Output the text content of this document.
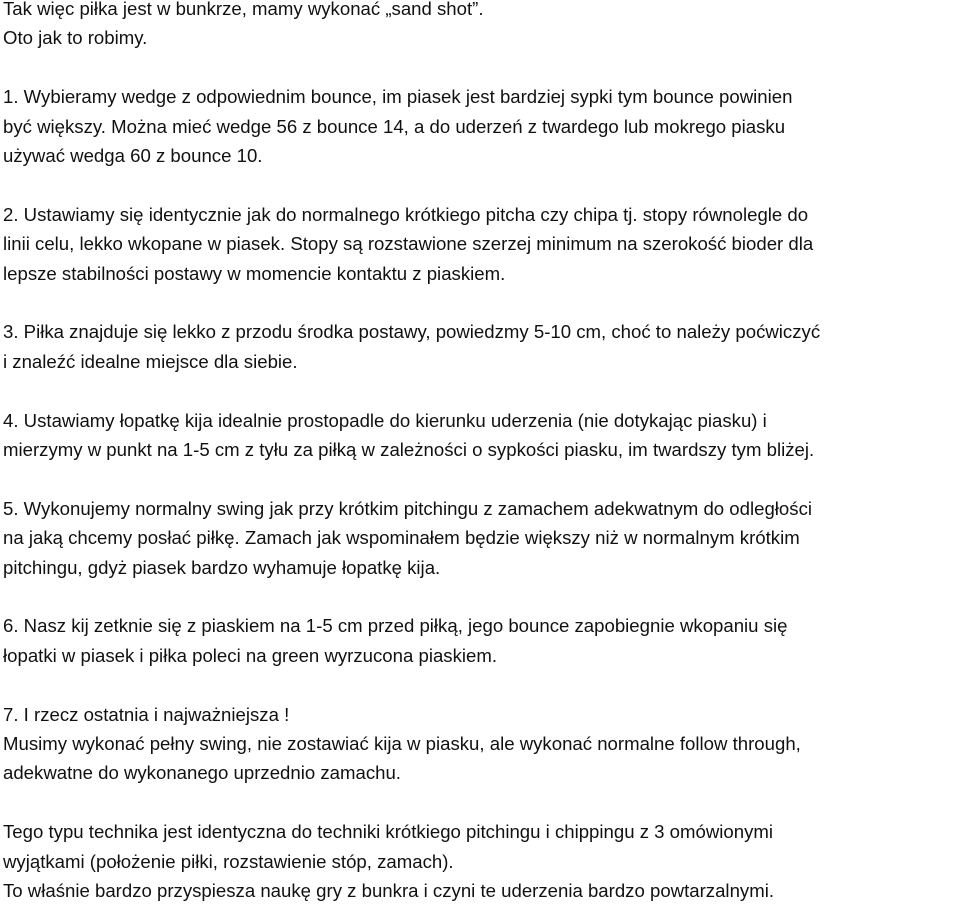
Tak więc piłka jest w bunkrze, mamy wykonać „sand shot”.
Oto jak to robimy.

1. Wybieramy wedge z odpowiednim bounce, im piasek jest bardziej sypki tym bounce powinien
być większy. Można mieć wedge 56 z bounce 14, a do uderzeń z twardego lub mokrego piasku
używać wedga 60 z bounce 10.

2. Ustawiamy się identycznie jak do normalnego krótkiego pitcha czy chipa tj. stopy równolegle do
linii celu, lekko wkopane w piasek. Stopy są rozstawione szerzej minimum na szerokość bioder dla
lepsze stabilności postawy w momencie kontaktu z piaskiem.

3. Piłka znajduje się lekko z przodu środka postawy, powiedzmy 5-10 cm, choć to należy poćwiczyć
i znaleźć idealne miejsce dla siebie.

4. Ustawiamy łopatkę kija idealnie prostopadle do kierunku uderzenia (nie dotykając piasku) i
mierzymy w punkt na 1-5 cm z tyłu za piłką w zależności o sypkości piasku, im twardszy tym bliżej.

5. Wykonujemy normalny swing jak przy krótkim pitchingu z zamachem adekwatnym do odległości
na jaką chcemy posłać piłkę. Zamach jak wspominałem będzie większy niż w normalnym krótkim
pitchingu, gdyż piasek bardzo wyhamuje łopatkę kija.

6. Nasz kij zetknie się z piaskiem na 1-5 cm przed piłką, jego bounce zapobiegnie wkopaniu się
łopatki w piasek i piłka poleci na green wyrzucona piaskiem.

7. I rzecz ostatnia i najważniejsza !
Musimy wykonać pełny swing, nie zostawiać kija w piasku, ale wykonać normalne follow through,
adekwatne do wykonanego uprzednio zamachu.

Tego typu technika jest identyczna do techniki krótkiego pitchingu i chippingu z 3 omówionymi
wyjątkami (położenie piłki, rozstawienie stóp, zamach).
To właśnie bardzo przyspiesza naukę gry z bunkra i czyni te uderzenia bardzo powtarzalnymi.
